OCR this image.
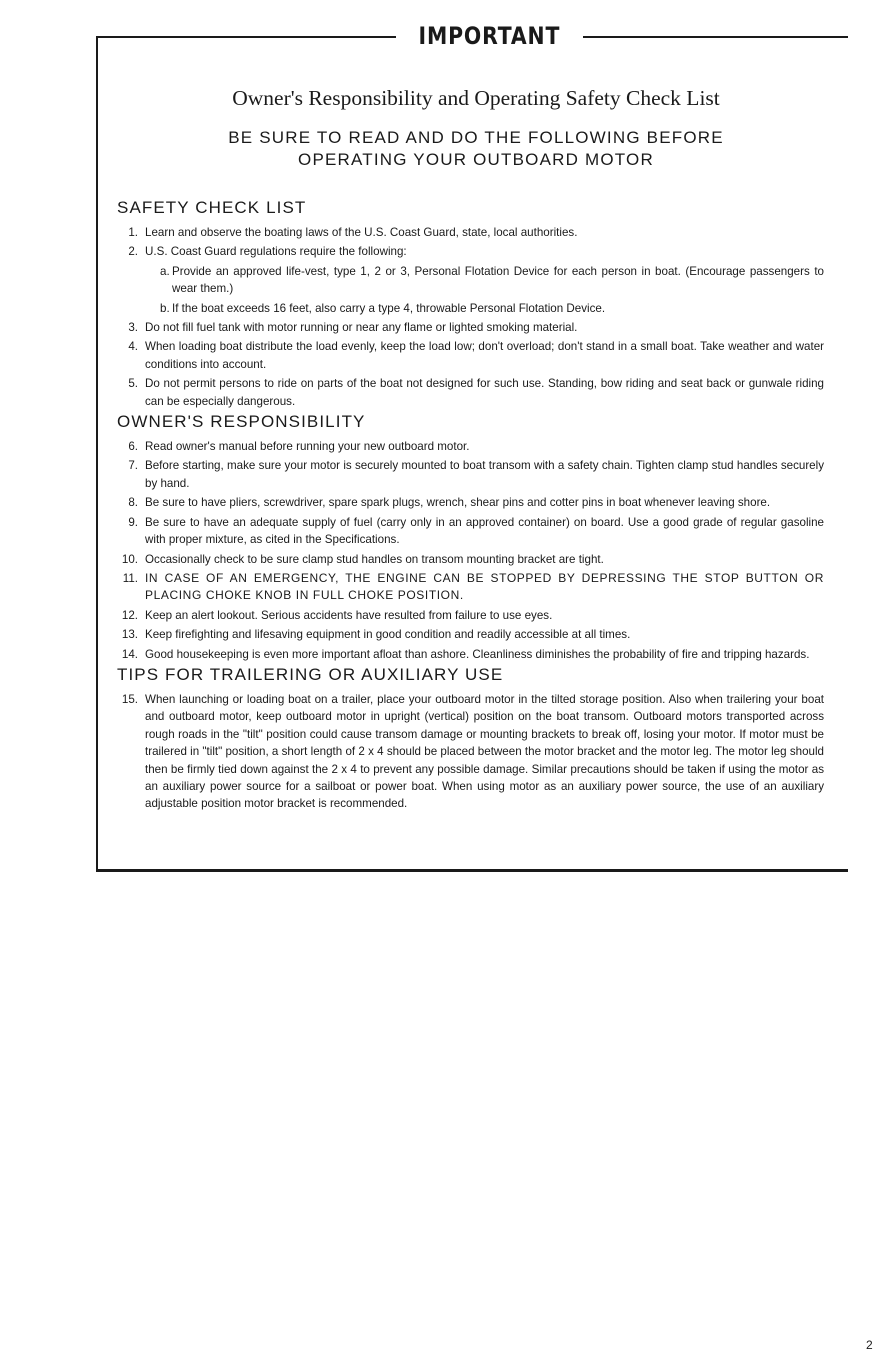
IMPORTANT
Owner's Responsibility and Operating Safety Check List
BE SURE TO READ AND DO THE FOLLOWING BEFORE
OPERATING YOUR OUTBOARD MOTOR
SAFETY CHECK LIST
1. Learn and observe the boating laws of the U.S. Coast Guard, state, local authorities.
2. U.S. Coast Guard regulations require the following:
a. Provide an approved life-vest, type 1, 2 or 3, Personal Flotation Device for each person in boat. (Encourage passengers to wear them.)
b. If the boat exceeds 16 feet, also carry a type 4, throwable Personal Flotation Device.
3. Do not fill fuel tank with motor running or near any flame or lighted smoking material.
4. When loading boat distribute the load evenly, keep the load low; don't overload; don't stand in a small boat. Take weather and water conditions into account.
5. Do not permit persons to ride on parts of the boat not designed for such use. Standing, bow riding and seat back or gunwale riding can be especially dangerous.
OWNER'S RESPONSIBILITY
6. Read owner's manual before running your new outboard motor.
7. Before starting, make sure your motor is securely mounted to boat transom with a safety chain. Tighten clamp stud handles securely by hand.
8. Be sure to have pliers, screwdriver, spare spark plugs, wrench, shear pins and cotter pins in boat whenever leaving shore.
9. Be sure to have an adequate supply of fuel (carry only in an approved container) on board. Use a good grade of regular gasoline with proper mixture, as cited in the Specifications.
10. Occasionally check to be sure clamp stud handles on transom mounting bracket are tight.
11. IN CASE OF AN EMERGENCY, THE ENGINE CAN BE STOPPED BY DEPRESSING THE STOP BUTTON OR PLACING CHOKE KNOB IN FULL CHOKE POSITION.
12. Keep an alert lookout. Serious accidents have resulted from failure to use eyes.
13. Keep firefighting and lifesaving equipment in good condition and readily accessible at all times.
14. Good housekeeping is even more important afloat than ashore. Cleanliness diminishes the probability of fire and tripping hazards.
TIPS FOR TRAILERING OR AUXILIARY USE
15. When launching or loading boat on a trailer, place your outboard motor in the tilted storage position. Also when trailering your boat and outboard motor, keep outboard motor in upright (vertical) position on the boat transom. Outboard motors transported across rough roads in the "tilt" position could cause transom damage or mounting brackets to break off, losing your motor. If motor must be trailered in "tilt" position, a short length of 2 x 4 should be placed between the motor bracket and the motor leg. The motor leg should then be firmly tied down against the 2 x 4 to prevent any possible damage. Similar precautions should be taken if using the motor as an auxiliary power source for a sailboat or power boat. When using motor as an auxiliary power source, the use of an auxiliary adjustable position motor bracket is recommended.
2
